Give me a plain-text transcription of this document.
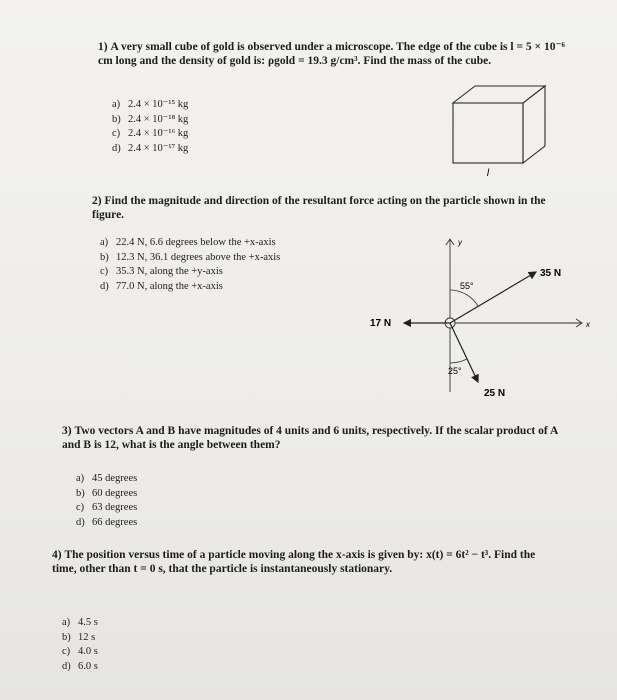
1) A very small cube of gold is observed under a microscope. The edge of the cube is l = 5 × 10⁻⁶ cm long and the density of gold is: ρgold = 19.3 g/cm³. Find the mass of the cube.
a) 2.4 × 10⁻¹⁵ kg
b) 2.4 × 10⁻¹⁸ kg
c) 2.4 × 10⁻¹⁶ kg
d) 2.4 × 10⁻¹⁷ kg
l
2) Find the magnitude and direction of the resultant force acting on the particle shown in the figure.
a) 22.4 N, 6.6 degrees below the +x-axis
b) 12.3 N, 36.1 degrees above the +x-axis
c) 35.3 N, along the +y-axis
d) 77.0 N, along the +x-axis
y
x
35 N
55°
17 N
25 N
25°
3) Two vectors A and B have magnitudes of 4 units and 6 units, respectively. If the scalar product of A and B is 12, what is the angle between them?
a) 45 degrees
b) 60 degrees
c) 63 degrees
d) 66 degrees
4) The position versus time of a particle moving along the x-axis is given by: x(t) = 6t² − t³. Find the time, other than t = 0 s, that the particle is instantaneously stationary.
a) 4.5 s
b) 12 s
c) 4.0 s
d) 6.0 s
